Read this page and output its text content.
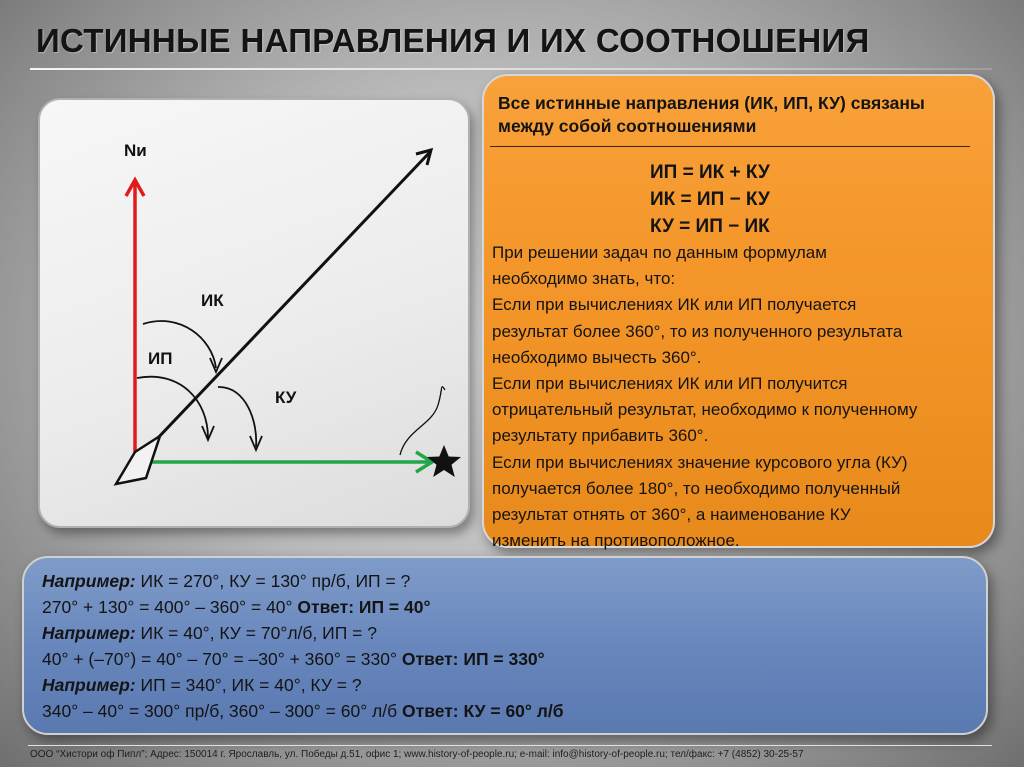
ИСТИННЫЕ НАПРАВЛЕНИЯ И ИХ СООТНОШЕНИЯ
Nи
ИК
ИП
КУ

Все истинные направления (ИК, ИП, КУ) связаны между собой соотношениями

ИП = ИК + КУ
ИК = ИП − КУ
КУ = ИП − ИК
При решении задач по данным формулам
необходимо знать, что:
Если при вычислениях ИК или ИП получается
результат более 360°, то из полученного результата
необходимо вычесть 360°.
Если при вычислениях ИК или ИП получится
отрицательный результат, необходимо к полученному
результату прибавить 360°.
Если при вычислениях значение курсового угла (КУ)
получается более 180°, то необходимо полученный
результат отнять от 360°, а наименование КУ
изменить на противоположное.

Например: ИК = 270°, КУ = 130° пр/б, ИП = ?

270° + 130° = 400° – 360° = 40° Ответ: ИП = 40°

Например: ИК = 40°, КУ = 70°л/б, ИП = ?

40° + (–70°) = 40° – 70° = –30° + 360° = 330° Ответ: ИП = 330°

Например: ИП = 340°, ИК = 40°, КУ = ?

340° – 40° = 300° пр/б, 360° – 300° = 60° л/б Ответ: КУ = 60° л/б

ООО “Хистори оф Пипл”; Адрес: 150014 г. Ярославль, ул. Победы д.51, офис 1; www.history-of-people.ru; e-mail: info@history-of-people.ru; тел/факс: +7 (4852) 30-25-57
